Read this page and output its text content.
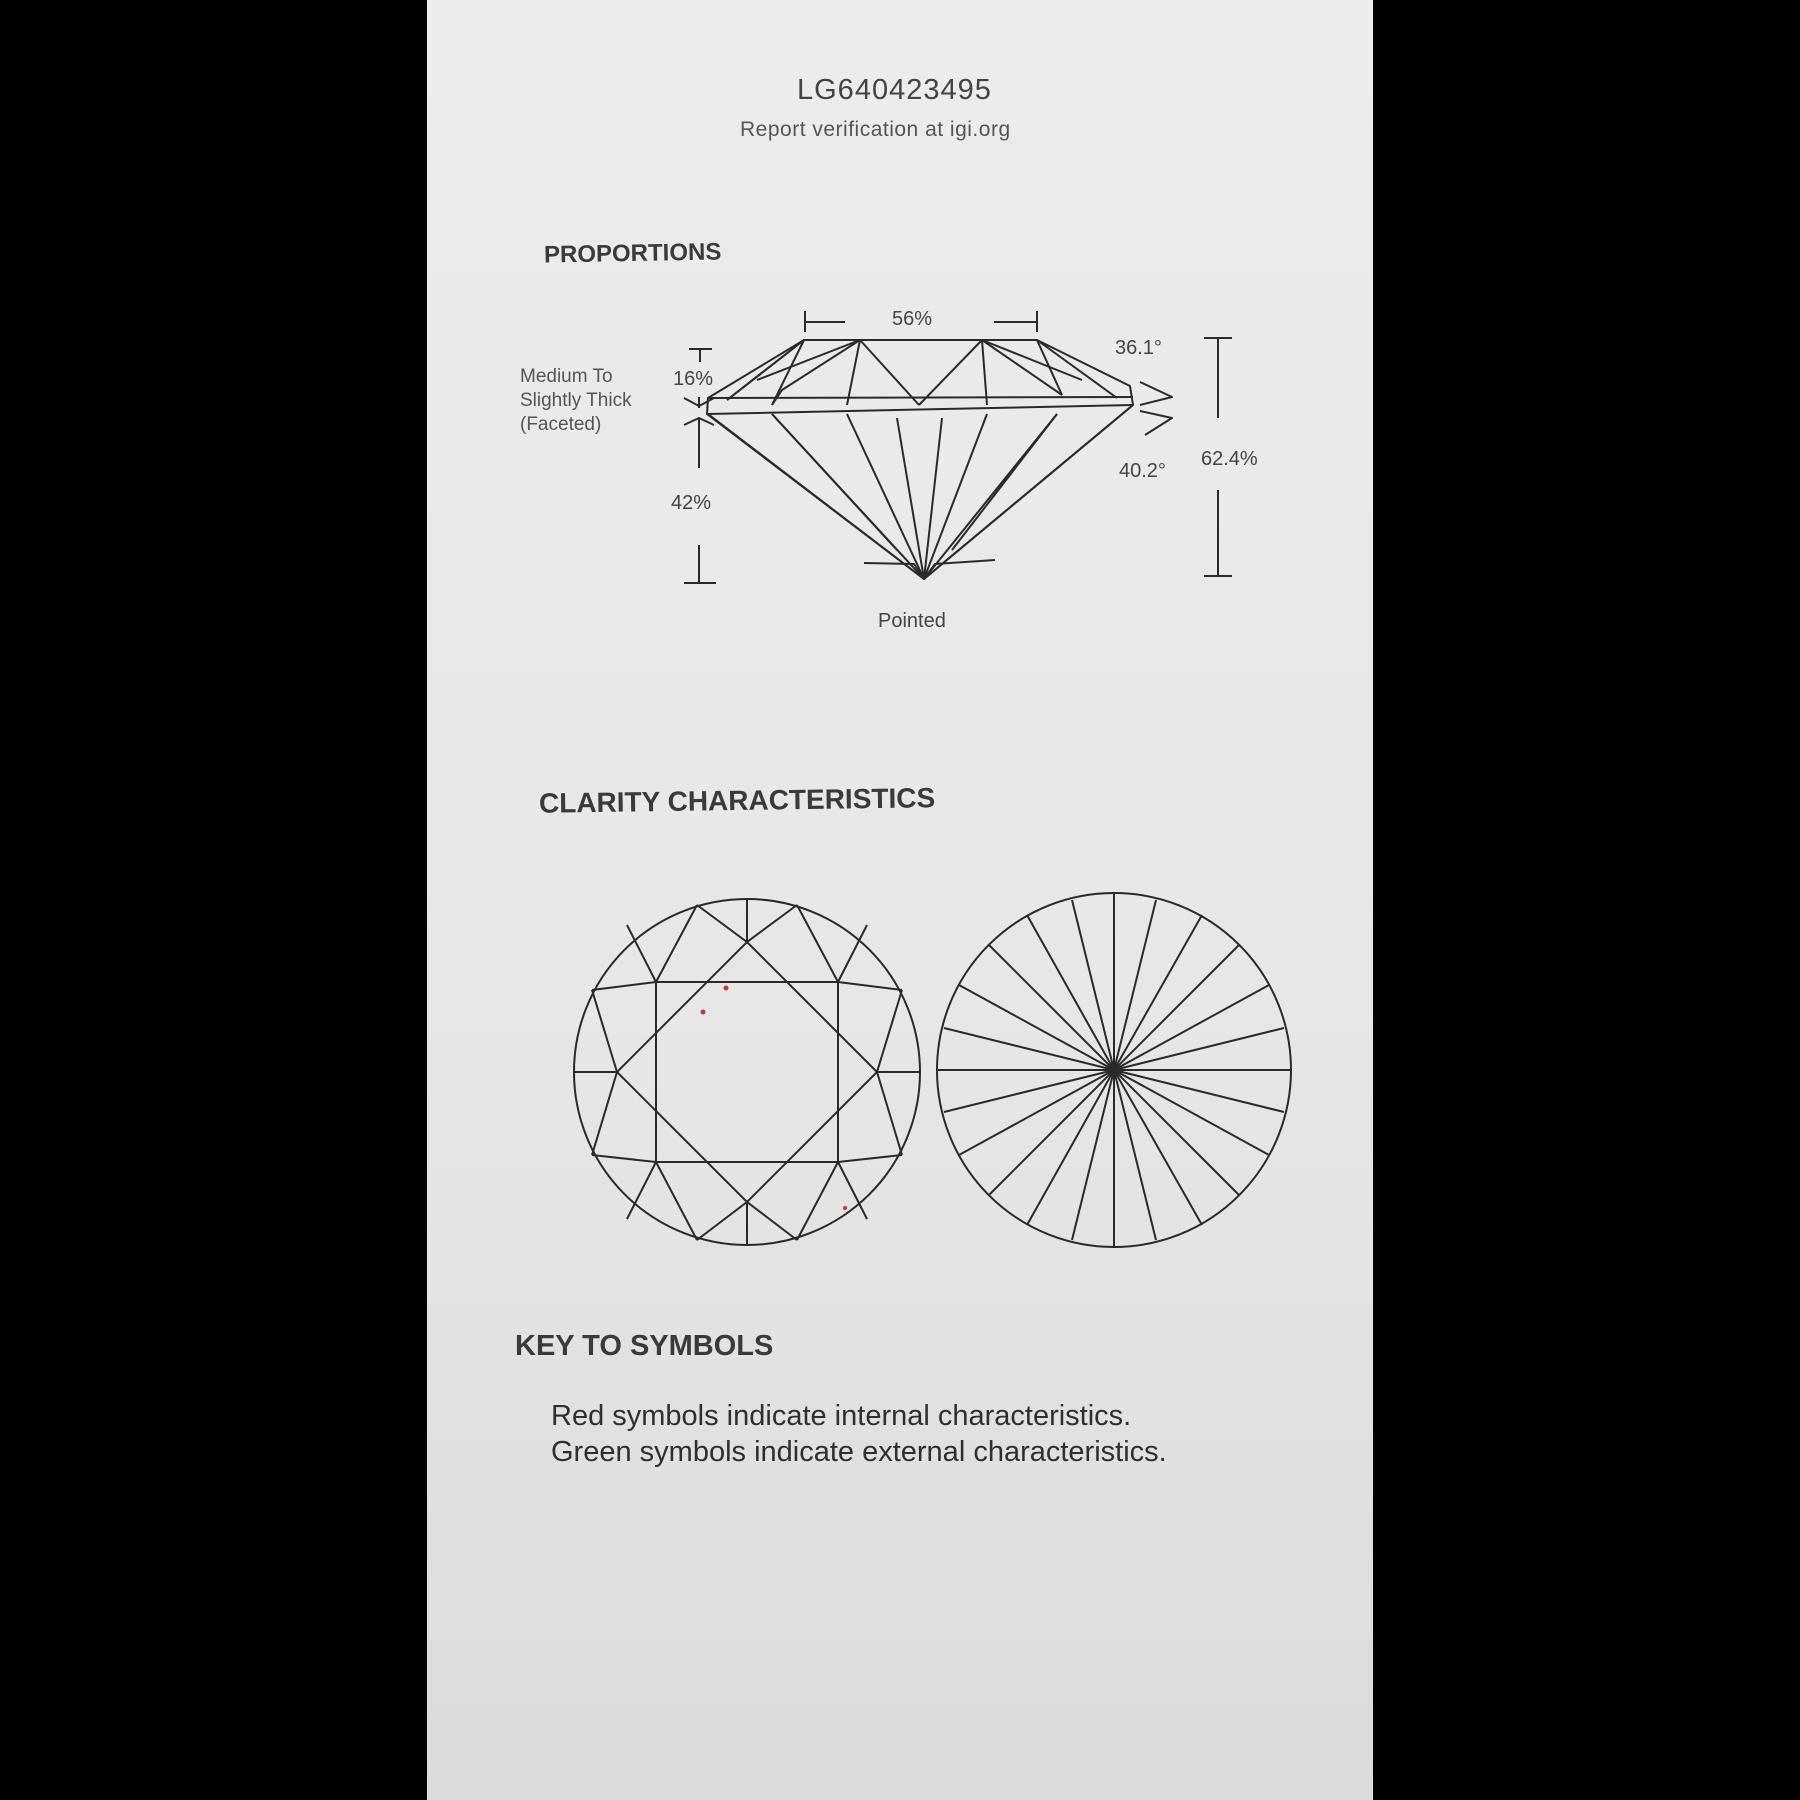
LG640423495
Report verification at igi.org
PROPORTIONS
56%
16%
42%
36.1°
40.2°
62.4%
Pointed
Medium To Slightly Thick (Faceted)
CLARITY CHARACTERISTICS
KEY TO SYMBOLS
Red symbols indicate internal characteristics.
Green symbols indicate external characteristics.
